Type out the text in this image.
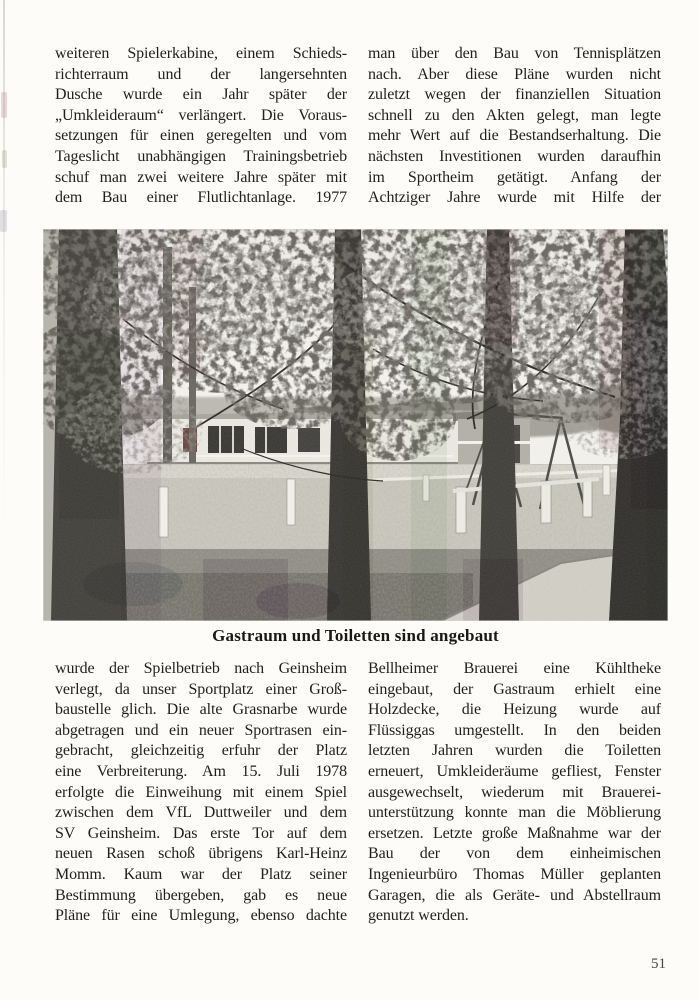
weiteren Spielerkabine, einem Schieds-
richterraum und der langersehnten
Dusche wurde ein Jahr später der
„Umkleideraum“ verlängert. Die Voraus-
setzungen für einen geregelten und vom
Tageslicht unabhängigen Trainingsbetrieb
schuf man zwei weitere Jahre später mit
dem Bau einer Flutlichtanlage. 1977
man über den Bau von Tennisplätzen
nach. Aber diese Pläne wurden nicht
zuletzt wegen der finanziellen Situation
schnell zu den Akten gelegt, man legte
mehr Wert auf die Bestandserhaltung. Die
nächsten Investitionen wurden daraufhin
im Sportheim getätigt. Anfang der
Achtziger Jahre wurde mit Hilfe der
Gastraum und Toiletten sind angebaut
wurde der Spielbetrieb nach Geinsheim
verlegt, da unser Sportplatz einer Groß-
baustelle glich. Die alte Grasnarbe wurde
abgetragen und ein neuer Sportrasen ein-
gebracht, gleichzeitig erfuhr der Platz
eine Verbreiterung. Am 15. Juli 1978
erfolgte die Einweihung mit einem Spiel
zwischen dem VfL Duttweiler und dem
SV Geinsheim. Das erste Tor auf dem
neuen Rasen schoß übrigens Karl-Heinz
Momm. Kaum war der Platz seiner
Bestimmung übergeben, gab es neue
Pläne für eine Umlegung, ebenso dachte
Bellheimer Brauerei eine Kühltheke
eingebaut, der Gastraum erhielt eine
Holzdecke, die Heizung wurde auf
Flüssiggas umgestellt. In den beiden
letzten Jahren wurden die Toiletten
erneuert, Umkleideräume gefliest, Fenster
ausgewechselt, wiederum mit Brauerei-
unterstützung konnte man die Möblierung
ersetzen. Letzte große Maßnahme war der
Bau der von dem einheimischen
Ingenieurbüro Thomas Müller geplanten
Garagen, die als Geräte- und Abstellraum
genutzt werden.
51
